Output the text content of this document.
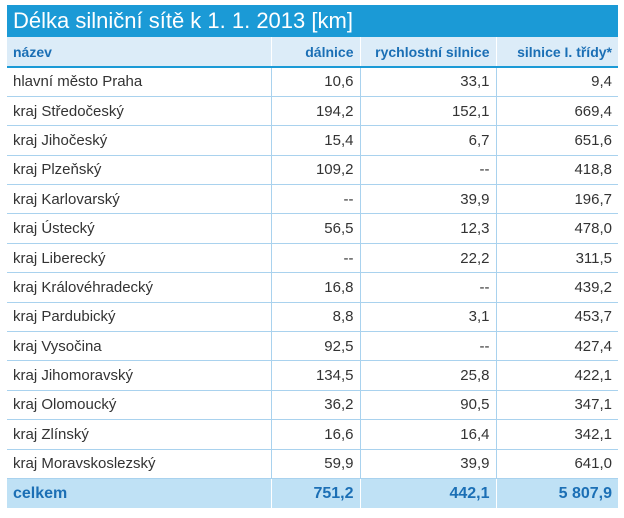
Délka silniční sítě k 1. 1. 2013 [km]
název	dálnice	rychlostní silnice	silnice I. třídy*
hlavní město Praha	10,6	33,1	9,4
kraj Středočeský	194,2	152,1	669,4
kraj Jihočeský	15,4	6,7	651,6
kraj Plzeňský	109,2	--	418,8
kraj Karlovarský	--	39,9	196,7
kraj Ústecký	56,5	12,3	478,0
kraj Liberecký	--	22,2	311,5
kraj Královéhradecký	16,8	--	439,2
kraj Pardubický	8,8	3,1	453,7
kraj Vysočina	92,5	--	427,4
kraj Jihomoravský	134,5	25,8	422,1
kraj Olomoucký	36,2	90,5	347,1
kraj Zlínský	16,6	16,4	342,1
kraj Moravskoslezský	59,9	39,9	641,0
celkem	751,2	442,1	5 807,9
